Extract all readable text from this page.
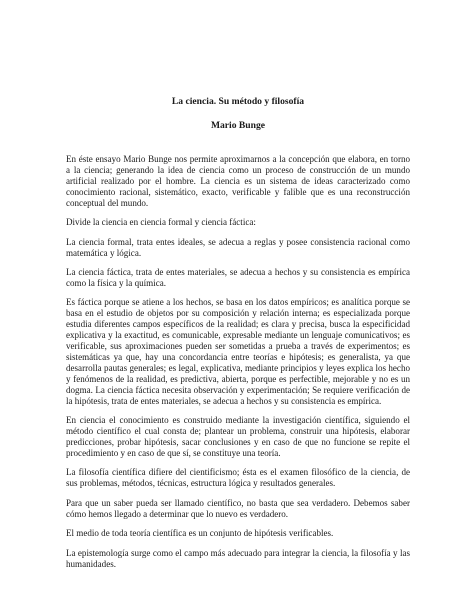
La ciencia. Su método y filosofía

Mario Bunge

En éste ensayo Mario Bunge nos permite aproximarnos a la concepción que elabora, en torno a la ciencia; generando la idea de ciencia como un proceso de construcción de un mundo artificial realizado por el hombre. La ciencia es un sistema de ideas caracterizado como conocimiento racional, sistemático, exacto, verificable y falible que es una reconstrucción conceptual del mundo.

Divide la ciencia en ciencia formal y ciencia fáctica:

La ciencia formal, trata entes ideales, se adecua a reglas y posee consistencia racional como matemática y lógica.

La ciencia fáctica, trata de entes materiales, se adecua a hechos y su consistencia es empírica como la física y la química.

Es fáctica porque se atiene a los hechos, se basa en los datos empíricos; es analítica porque se basa en el estudio de objetos por su composición y relación interna; es especializada porque estudia diferentes campos específicos de la realidad; es clara y precisa, busca la especificidad explicativa y la exactitud, es comunicable, expresable mediante un lenguaje comunicativos; es verificable, sus aproximaciones pueden ser sometidas a prueba a través de experimentos; es sistemáticas ya que, hay una concordancia entre teorías e hipótesis; es generalista, ya que desarrolla pautas generales; es legal, explicativa, mediante principios y leyes explica los hecho y fenómenos de la realidad, es predictiva, abierta, porque es perfectible, mejorable y no es un dogma. La ciencia fáctica necesita observación y experimentación; Se requiere verificación de la hipótesis, trata de entes materiales, se adecua a hechos y su consistencia es empírica.

En ciencia el conocimiento es construido mediante la investigación científica, siguiendo el método científico el cual consta de; plantear un problema, construir una hipótesis, elaborar predicciones, probar hipótesis, sacar conclusiones y en caso de que no funcione se repite el procedimiento y en caso de que sí, se constituye una teoría.

La filosofía científica difiere del cientificismo; ésta es el examen filosófico de la ciencia, de sus problemas, métodos, técnicas, estructura lógica y resultados generales.

Para que un saber pueda ser llamado científico, no basta que sea verdadero. Debemos saber cómo hemos llegado a determinar que lo nuevo es verdadero.

El medio de toda teoría científica es un conjunto de hipótesis verificables.

La epistemología surge como el campo más adecuado para integrar la ciencia, la filosofía y las humanidades.
